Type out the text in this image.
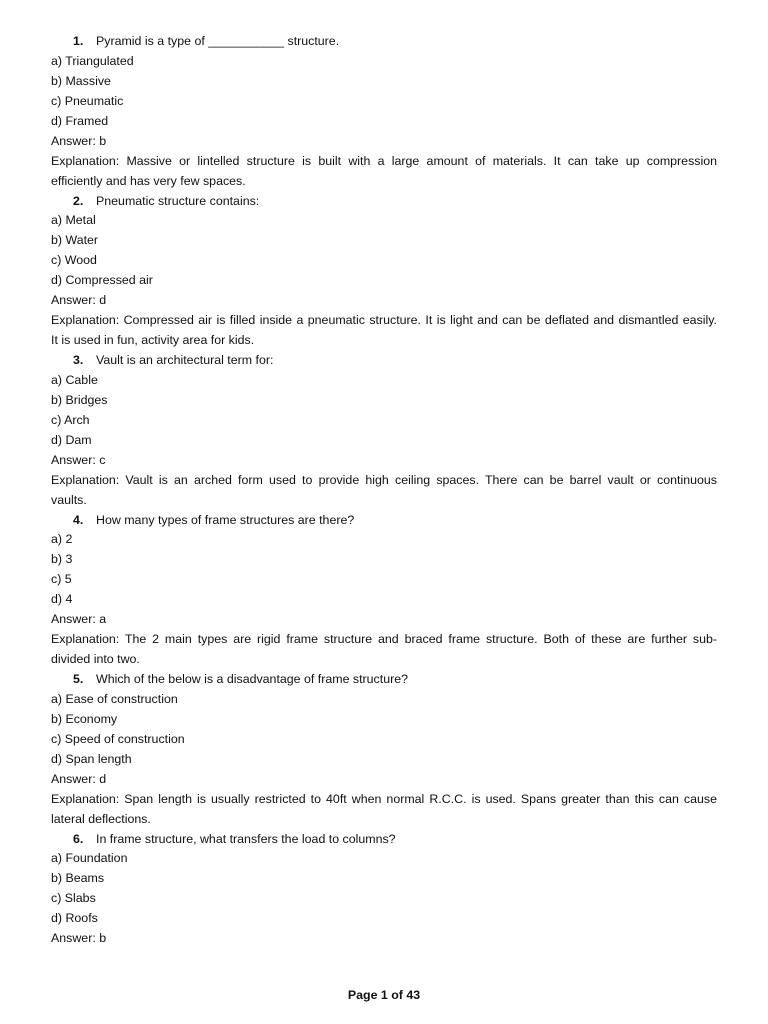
1. Pyramid is a type of ___________ structure.
a) Triangulated
b) Massive
c) Pneumatic
d) Framed
Answer: b
Explanation: Massive or lintelled structure is built with a large amount of materials. It can take up compression
efficiently and has very few spaces.
2. Pneumatic structure contains:
a) Metal
b) Water
c) Wood
d) Compressed air
Answer: d
Explanation: Compressed air is filled inside a pneumatic structure. It is light and can be deflated and dismantled easily.
It is used in fun, activity area for kids.
3. Vault is an architectural term for:
a) Cable
b) Bridges
c) Arch
d) Dam
Answer: c
Explanation: Vault is an arched form used to provide high ceiling spaces. There can be barrel vault or continuous
vaults.
4. How many types of frame structures are there?
a) 2
b) 3
c) 5
d) 4
Answer: a
Explanation: The 2 main types are rigid frame structure and braced frame structure. Both of these are further sub-
divided into two.
5. Which of the below is a disadvantage of frame structure?
a) Ease of construction
b) Economy
c) Speed of construction
d) Span length
Answer: d
Explanation: Span length is usually restricted to 40ft when normal R.C.C. is used. Spans greater than this can cause
lateral deflections.
6. In frame structure, what transfers the load to columns?
a) Foundation
b) Beams
c) Slabs
d) Roofs
Answer: b
Page 1 of 43
